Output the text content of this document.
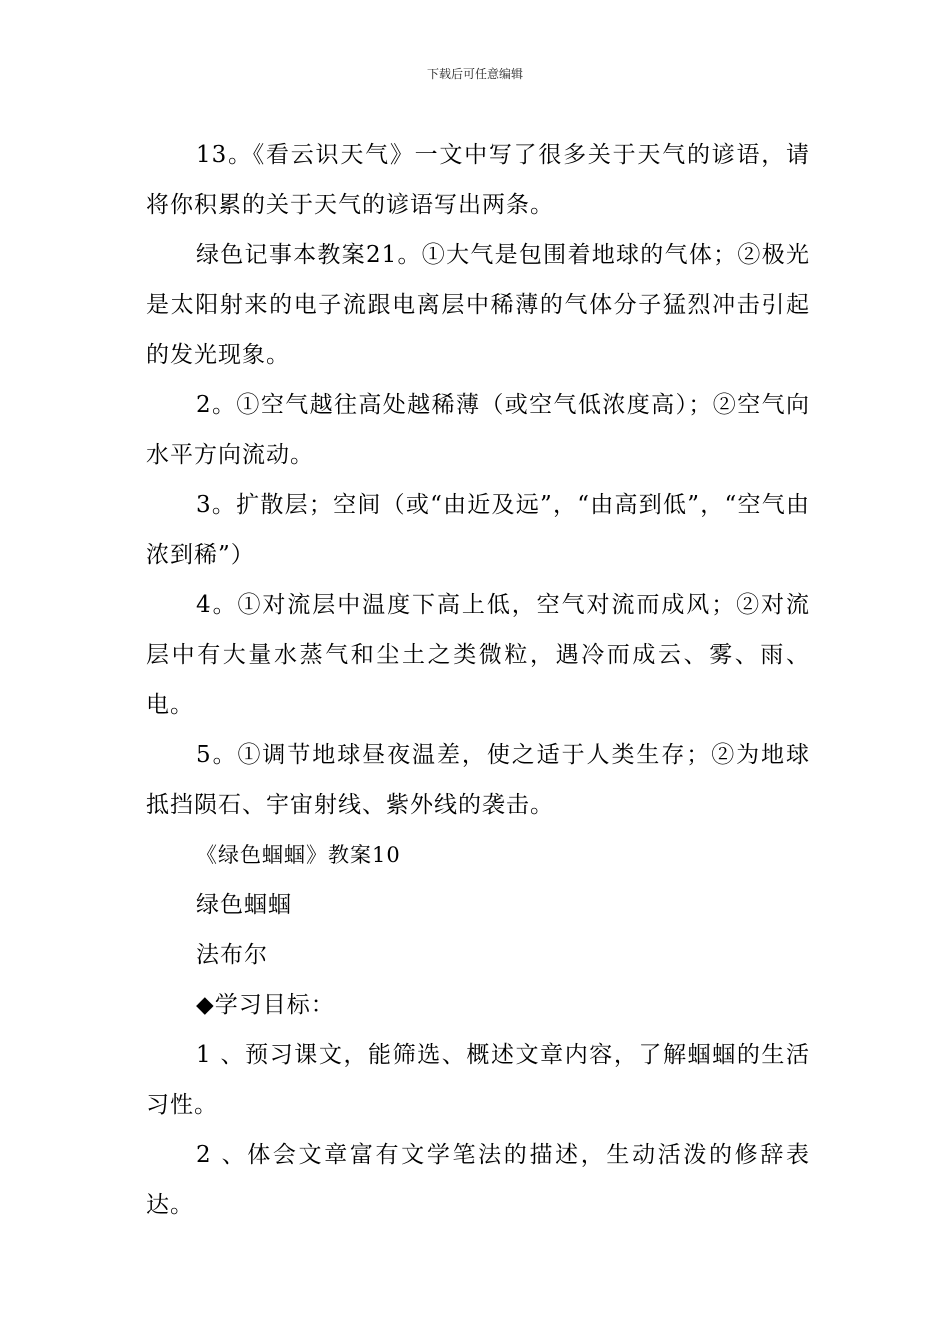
下载后可任意编辑

13。《看云识天气》一文中写了很多关于天气的谚语，请将你积累的关于天气的谚语写出两条。

绿色记事本教案21。①大气是包围着地球的气体；②极光是太阳射来的电子流跟电离层中稀薄的气体分子猛烈冲击引起的发光现象。

2。①空气越往高处越稀薄（或空气低浓度高）；②空气向水平方向流动。

3。扩散层；空间（或“由近及远”，“由高到低”，“空气由浓到稀”）

4。①对流层中温度下高上低，空气对流而成风；②对流层中有大量水蒸气和尘土之类微粒，遇冷而成云、雾、雨、电。

5。①调节地球昼夜温差，使之适于人类生存；②为地球抵挡陨石、宇宙射线、紫外线的袭击。

《绿色蝈蝈》教案10

绿色蝈蝈

法布尔

◆学习目标：

1 、预习课文，能筛选、概述文章内容，了解蝈蝈的生活习性。

2 、体会文章富有文学笔法的描述，生动活泼的修辞表达。
